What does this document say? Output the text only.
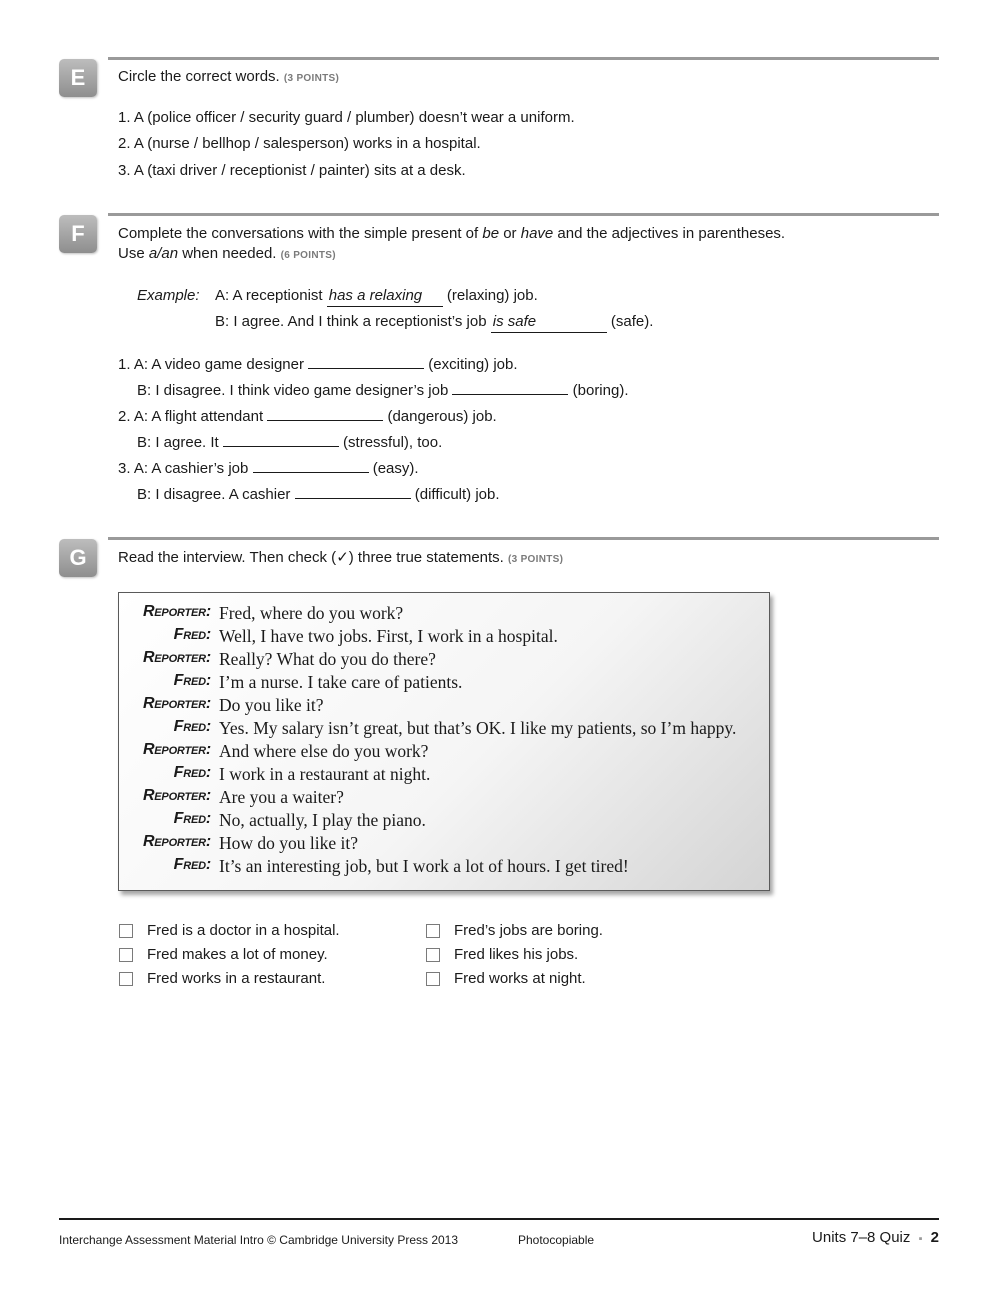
E	Circle the correct words. (3 POINTS)
1. A (police officer / security guard / plumber) doesn’t wear a uniform.
2. A (nurse / bellhop / salesperson) works in a hospital.
3. A (taxi driver / receptionist / painter) sits at a desk.
F	Complete the conversations with the simple present of be or have and the adjectives in parentheses.
Use a/an when needed. (6 POINTS)
Example: A: A receptionist has a relaxing (relaxing) job.
B: I agree. And I think a receptionist’s job is safe	(safe).
1. A: A video game designer	(exciting) job.
B: I disagree. I think video game designer’s job	(boring).
2. A: A flight attendant	(dangerous) job.
B: I agree. It	(stressful), too.
3. A: A cashier’s job	(easy).
B: I disagree. A cashier	(difficult) job.
G	Read the interview. Then check (✓) three true statements. (3 POINTS)
Reporter: Fred, where do you work?
Fred: Well, I have two jobs. First, I work in a hospital.
Reporter: Really? What do you do there?
Fred: I’m a nurse. I take care of patients.
Reporter: Do you like it?
Fred: Yes. My salary isn’t great, but that’s OK. I like my patients, so I’m happy.
Reporter: And where else do you work?
Fred: I work in a restaurant at night.
Reporter: Are you a waiter?
Fred: No, actually, I play the piano.
Reporter: How do you like it?
Fred: It’s an interesting job, but I work a lot of hours. I get tired!
Fred is a doctor in a hospital.
Fred makes a lot of money.
Fred works in a restaurant.
Fred’s jobs are boring.
Fred likes his jobs.
Fred works at night.
Interchange Assessment Material Intro © Cambridge University Press 2013	Photocopiable	Units 7–8 Quiz ▪ 2
